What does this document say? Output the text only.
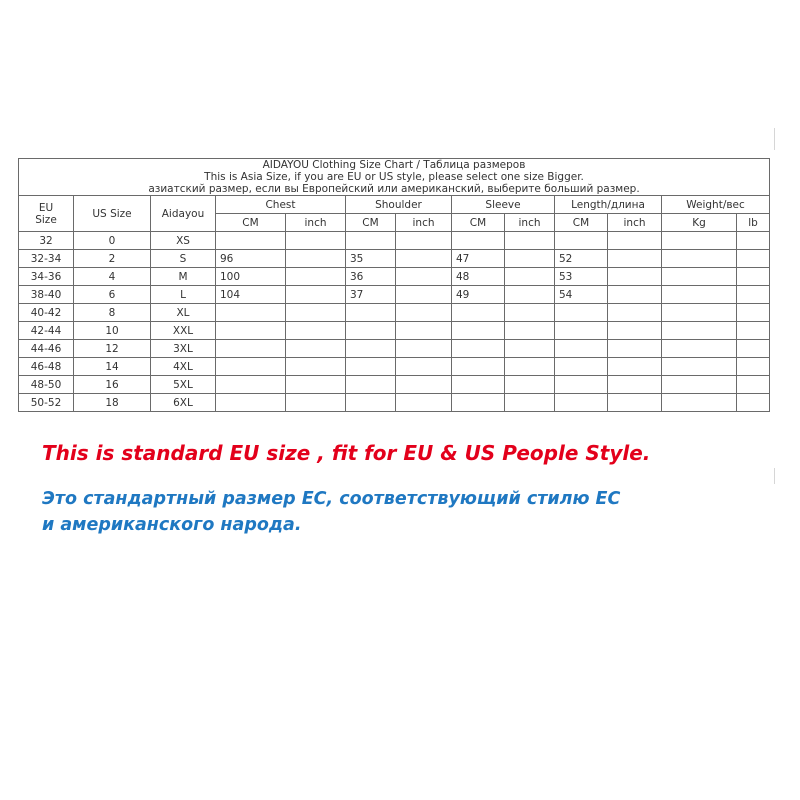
AIDAYOU Clothing Size Chart / Таблица размеров
This is Asia Size, if you are EU or US style, please select one size Bigger.
азиатский размер, если вы Европейский или американский, выберите больший размер.												

EU
Size	US Size	Aidayou	Chest		Shoulder		Sleeve		Length/длина		Weight/вес	
			CM	inch	CM	inch	CM	inch	CM	inch	Kg	lb
32	0	XS										
32-34	2	S	96		35		47		52			
34-36	4	M	100		36		48		53			
38-40	6	L	104		37		49		54			
40-42	8	XL										
42-44	10	XXL										
44-46	12	3XL										
46-48	14	4XL										
48-50	16	5XL										
50-52	18	6XL										

This is standard EU size , fit for EU & US People Style.

Это стандартный размер ЕС, соответствующий стилю ЕС
и американского народа.
